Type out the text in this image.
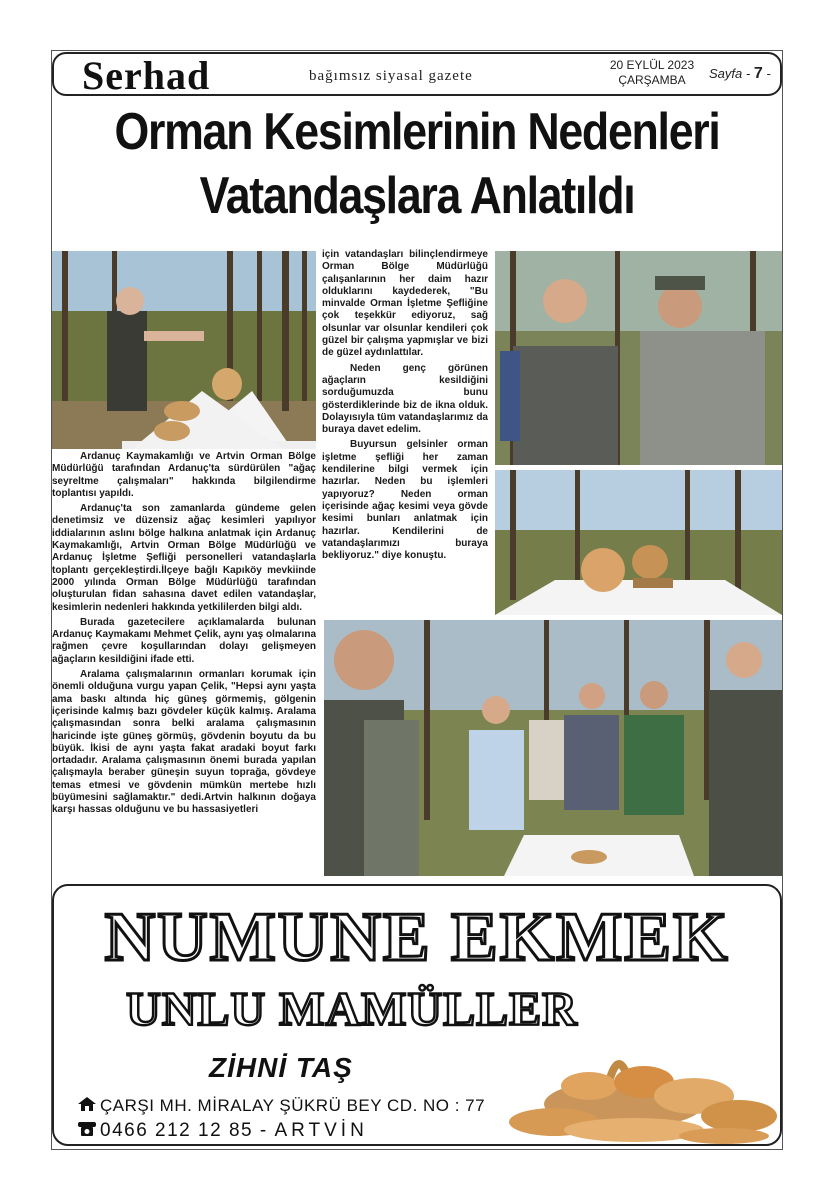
Serhad	bağımsız siyasal gazete
20 EYLÜL 2023
ÇARŞAMBA	Sayfa - 7 -
Orman Kesimlerinin Nedenleri
Vatandaşlara Anlatıldı

Ardanuç Kaymakamlığı ve Artvin Orman Bölge Müdürlüğü tarafından Ardanuç'ta sürdürülen "ağaç seyreltme çalışmaları" hakkında bilgilendirme toplantısı yapıldı.

Ardanuç'ta son zamanlarda gündeme gelen denetimsiz ve düzensiz ağaç kesimleri yapılıyor iddialarının aslını bölge halkına anlatmak için Ardanuç Kaymakamlığı, Artvin Orman Bölge Müdürlüğü ve Ardanuç İşletme Şefliği personelleri vatandaşlarla toplantı gerçekleştirdi.İlçeye bağlı Kapıköy mevkiinde 2000 yılında Orman Bölge Müdürlüğü tarafından oluşturulan fidan sahasına davet edilen vatandaşlar, kesimlerin nedenleri hakkında yetkililerden bilgi aldı.

Burada gazetecilere açıklamalarda bulunan Ardanuç Kaymakamı Mehmet Çelik, aynı yaş olmalarına rağmen çevre koşullarından dolayı gelişmeyen ağaçların kesildiğini ifade etti.

Aralama çalışmalarının ormanları korumak için önemli olduğuna vurgu yapan Çelik, "Hepsi aynı yaşta ama baskı altında hiç güneş görmemiş, gölgenin içerisinde kalmış bazı gövdeler küçük kalmış. Aralama çalışmasından sonra belki aralama çalışmasının haricinde işte güneş görmüş, gövdenin boyutu da bu büyük. İkisi de aynı yaşta fakat aradaki boyut farkı ortadadır. Aralama çalışmasının önemi burada yapılan çalışmayla beraber güneşin suyun toprağa, gövdeye temas etmesi ve gövdenin mümkün mertebe hızlı büyümesini sağlamaktır." dedi.Artvin halkının doğaya karşı hassas olduğunu ve bu hassasiyetleri

için vatandaşları bilinçlendirmeye Orman Bölge Müdürlüğü çalışanlarının her daim hazır olduklarını kaydederek, "Bu minvalde Orman İşletme Şefliğine çok teşekkür ediyoruz, sağ olsunlar var olsunlar kendileri çok güzel bir çalışma yapmışlar ve bizi de güzel aydınlattılar.

Neden genç görünen ağaçların kesildiğini sorduğumuzda bunu gösterdiklerinde biz de ikna olduk. Dolayısıyla tüm vatandaşlarımız da buraya davet edelim.

Buyursun gelsinler orman işletme şefliği her zaman kendilerine bilgi vermek için hazırlar. Neden bu işlemleri yapıyoruz? Neden orman içerisinde ağaç kesimi veya gövde kesimi bunları anlatmak için hazırlar. Kendilerini de vatandaşlarımızı buraya bekliyoruz." diye konuştu.

NUMUNE EKMEK
UNLU MAMÜLLER
ZİHNİ TAŞ
ÇARŞI MH. MİRALAY ŞÜKRÜ BEY CD. NO : 77
0466 212 12 85 - ARTVİN
